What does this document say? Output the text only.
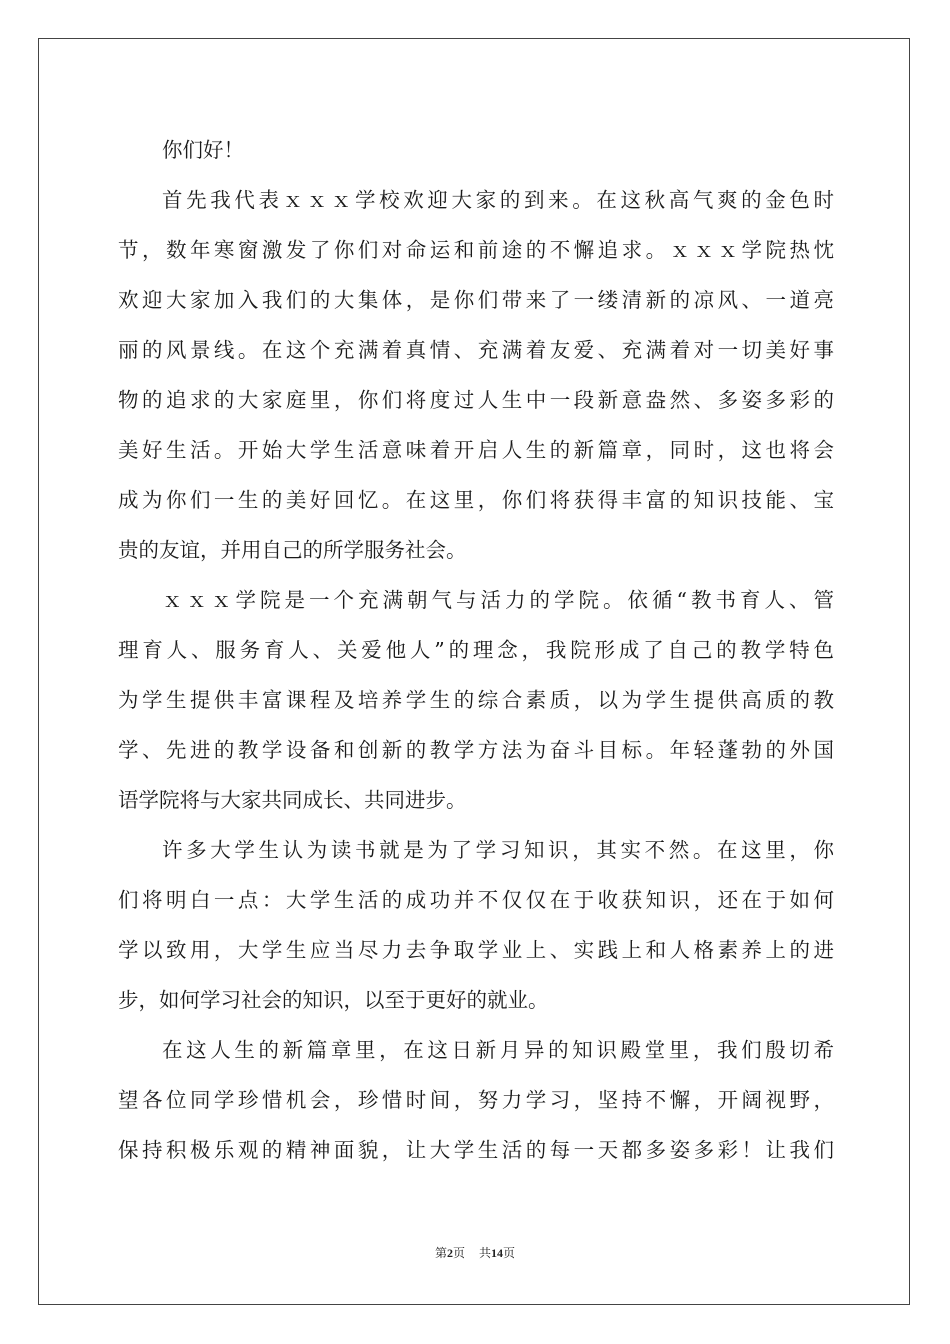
你们好！

首先我代表ｘｘｘ学校欢迎大家的到来。在这秋高气爽的金色时

节，数年寒窗激发了你们对命运和前途的不懈追求。ｘｘｘ学院热忱

欢迎大家加入我们的大集体，是你们带来了一缕清新的凉风、一道亮

丽的风景线。在这个充满着真情、充满着友爱、充满着对一切美好事

物的追求的大家庭里，你们将度过人生中一段新意盎然、多姿多彩的

美好生活。开始大学生活意味着开启人生的新篇章，同时，这也将会

成为你们一生的美好回忆。在这里，你们将获得丰富的知识技能、宝

贵的友谊，并用自己的所学服务社会。

ｘｘｘ学院是一个充满朝气与活力的学院。依循“教书育人、管

理育人、服务育人、关爱他人”的理念，我院形成了自己的教学特色

为学生提供丰富课程及培养学生的综合素质，以为学生提供高质的教

学、先进的教学设备和创新的教学方法为奋斗目标。年轻蓬勃的外国

语学院将与大家共同成长、共同进步。

许多大学生认为读书就是为了学习知识，其实不然。在这里，你

们将明白一点：大学生活的成功并不仅仅在于收获知识，还在于如何

学以致用，大学生应当尽力去争取学业上、实践上和人格素养上的进

步，如何学习社会的知识，以至于更好的就业。

在这人生的新篇章里，在这日新月异的知识殿堂里，我们殷切希

望各位同学珍惜机会，珍惜时间，努力学习，坚持不懈，开阔视野，

保持积极乐观的精神面貌，让大学生活的每一天都多姿多彩！让我们

第2页 共14页
